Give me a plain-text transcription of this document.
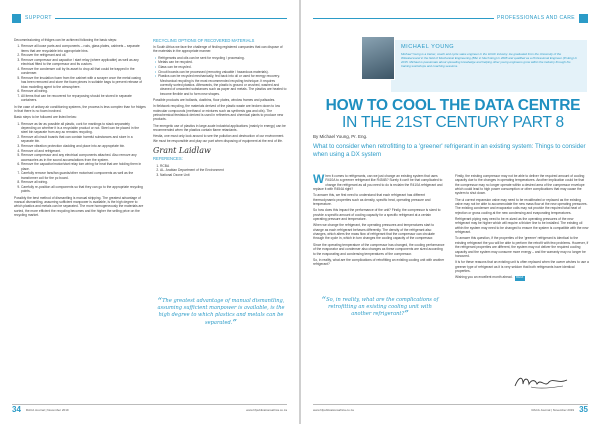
SUPPORT

Decommissioning of fridges can be achieved following the basic steps:

1. Remove all loose parts and components – rods, glass plates, cabinets – separate items that are recyclable into appropriate bins.
2. Recover the refrigerant and oil.
3. Remove compressor and capacitor / start relay (where applicable) as well as any electrical fitted to the compressor and its custom.
4. Remove the condenser coil by its asset to drop all that could be trapped in the condenser.
5. Remove the insulation foam from the cabinet with a scraper once the metal casing has been removed and store the foam pieces in suitable bags to prevent release of blow modelling agent to the atmosphere.
6. Remove all wiring.
7. All items that can be recovered for repurposing should be stored in separate containers.

In the case of unitary air conditioning systems, the process is less complex than for fridges in that there is no foam involved.

Basic steps to be followed are listed below:

1. Remove as far as possible all plastic, cork for markings to stack separately depending on whether it is a recyclable product or not. Steel can be placed in the steel bin separate from any ac remains recycling.
2. Remove all circuit boards that can contain harmful substances and store in a separate bin.
3. Remove vibration protection cladding and place into an appropriate bin.
4. Remove oil and refrigerant.
5. Remove compressor and any electrical components attached. Also remove any accessories as in the sound accumulations from the system.
6. Remove the capacitor/motor/start relay tom wiring for heat that are holding them in place.
7. Carefully remove fans/fan guards/other motorised components as well as the transformer coil for the pc board.
8. Remove all wiring.
9. Carefully re-position all components so that they can go to the appropriate recycling points.

Possibly the best method of dismantling is manual stripping. The greatest advantage of manual dismantling, assuming sufficient manpower is available, is the high degree to which plastics and metals can be separated. The more homogeneously the materials are sorted, the more efficient the recycling becomes and the higher the selling price on the recycling market.

RECYCLING OPTIONS OF RECOVERED MATERIALS

In South Africa we face the challenge of finding registered companies that can dispose of the materials in the appropriate manner.

• Refrigerants and oils can be sent for recycling / processing.
• Metals can be recycled.
• Glass can be recycled.
• Circuit boards can be processed (removing valuable / hazardous materials).
• Plastics can be recycled mechanically, fed back into oil or used for energy recovery. Mechanical recycling is the most recommended recycling technique. It requires correctly sorted plastics. Afterwards, the plastic is ground or crushed, washed and cleaned of unwanted substances such as paper and metals. The plastics are heated to become flexible and to form new shapes.

Possible products are bollards, dustbins, floor plates, window frames and palisades.

In fieldwork recycling, the materials derived of the plastic waste are broken down to low molecular compounds (methanol or mixtures such as synthesis gas and oils). The petrochemical feedstock derived is used in refineries and chemical plants to produce new products.

The energetic use of plastics in large-scale industrial applications (mainly in energy) can be recommended when the plastics contain flame retardants.

Hestia, one must only look around to see the pollution and destruction of our environment. We must be responsible and play our part when disposing of equipment at the end of life.

Grant Laidlaw
REFERENCES:
1. RCBA
2. AL. Arabian Department of the Environment
3. National Ozone Unit
“The greatest advantage of manual dismantling, assuming sufficient manpower is available, is the high degree to which plastics and metals can be separated.”
34 RACA Journal | November 2019	www.hfpublicationsafrica.co.za
PROFESSIONALS AND CARE
MICHAEL YOUNG
Michael Young is a trainer, coach and cycle sales engineer in the HVAC industry. He graduated from the University of the Witwatersrand in the field of Mechanical Engineering (BSc in Mech Eng) in 2008 and qualified as a Professional Engineer (Pr.Eng) in 2015. Michael is passionate about spreading knowledge and helping other young engineers grow within the industry through his training workshops and coaching sessions.
HOW TO COOL THE DATA CENTRE
IN THE 21ST CENTURY PART 8
By Michael Young, Pr. Eng.
What to consider when retrofitting to a 'greener' refrigerant in an existing system: Things to consider when using a DX system

When it comes to refrigerants, can we just change an existing system that uses R410A to a greener refrigerant like R454B? Surely it can't be that complicated to change the refrigerant as all you need to do is reclaim the R410A refrigerant and replace it with R454A right?

To answer this, we first need to understand that each refrigerant has different thermodynamic properties such as density, specific heat, operating pressure and temperature.

So how does this impact the performance of the unit? Firstly, the compressor is sized to provide a specific amount of cooling capacity for a specific refrigerant at a certain operating pressure and temperature.

When we change the refrigerant, the operating pressures and temperatures start to change as each refrigerant behaves differently. The density of the refrigerant also changes, which alters the mass flow of refrigerant that the compressor can circulate through the cycle in, which in turn changes the cooling capacity of the compressor.

Since the operating temperature of the compressor has changed, the cooling performance of the evaporator and condenser also changes as these components are sized according to the evaporating and condensing temperatures of the compressor.

So, in reality, what are the complications of retrofitting an existing cooling unit with another refrigerant?

“So, in reality, what are the complications of retrofitting an existing cooling unit with another refrigerant?”

Firstly, the existing compressor may not be able to deliver the required amount of cooling capacity due to the changes in operating temperatures. Another implication could be that the compressor may no longer operate within a desired area of the compressor envelope which could lead to high power consumption or other complications that may cause the system to shut down.

The ui correct expansion valve may need to be recalibrated or replaced as the existing valve may not be able to accommodate the new mass flow at the new operating pressures. The existing condenser and evaporator coils may not provide the required total heat of rejection or gross cooling at the new condensing and evaporating temperatures.

Refrigerant piping may need to be re-sized as the operating pressures of the new refrigerant may be higher which will require a thicker line to be installed. The existing oil within the system may need to be changed to ensure the system is compatible with the new refrigerant.

To answer this question, if the properties of the 'greener' refrigerant is identical to the existing refrigerant the you will be able to perform the retrofit with few problems. However, if the refrigerant properties are different, the system may not deliver the required cooling capacity and the system may consume more energy – and the warranty may no longer be honoured.

It is for these reasons that an existing unit is often replaced when the owner wishes to use a greener type of refrigerant as it is very seldom that both refrigerants have identical properties.

Wishing you an excellent month ahead. RACA

www.hfpublicationsafrica.co.za	RACA Journal | November 2019 35
